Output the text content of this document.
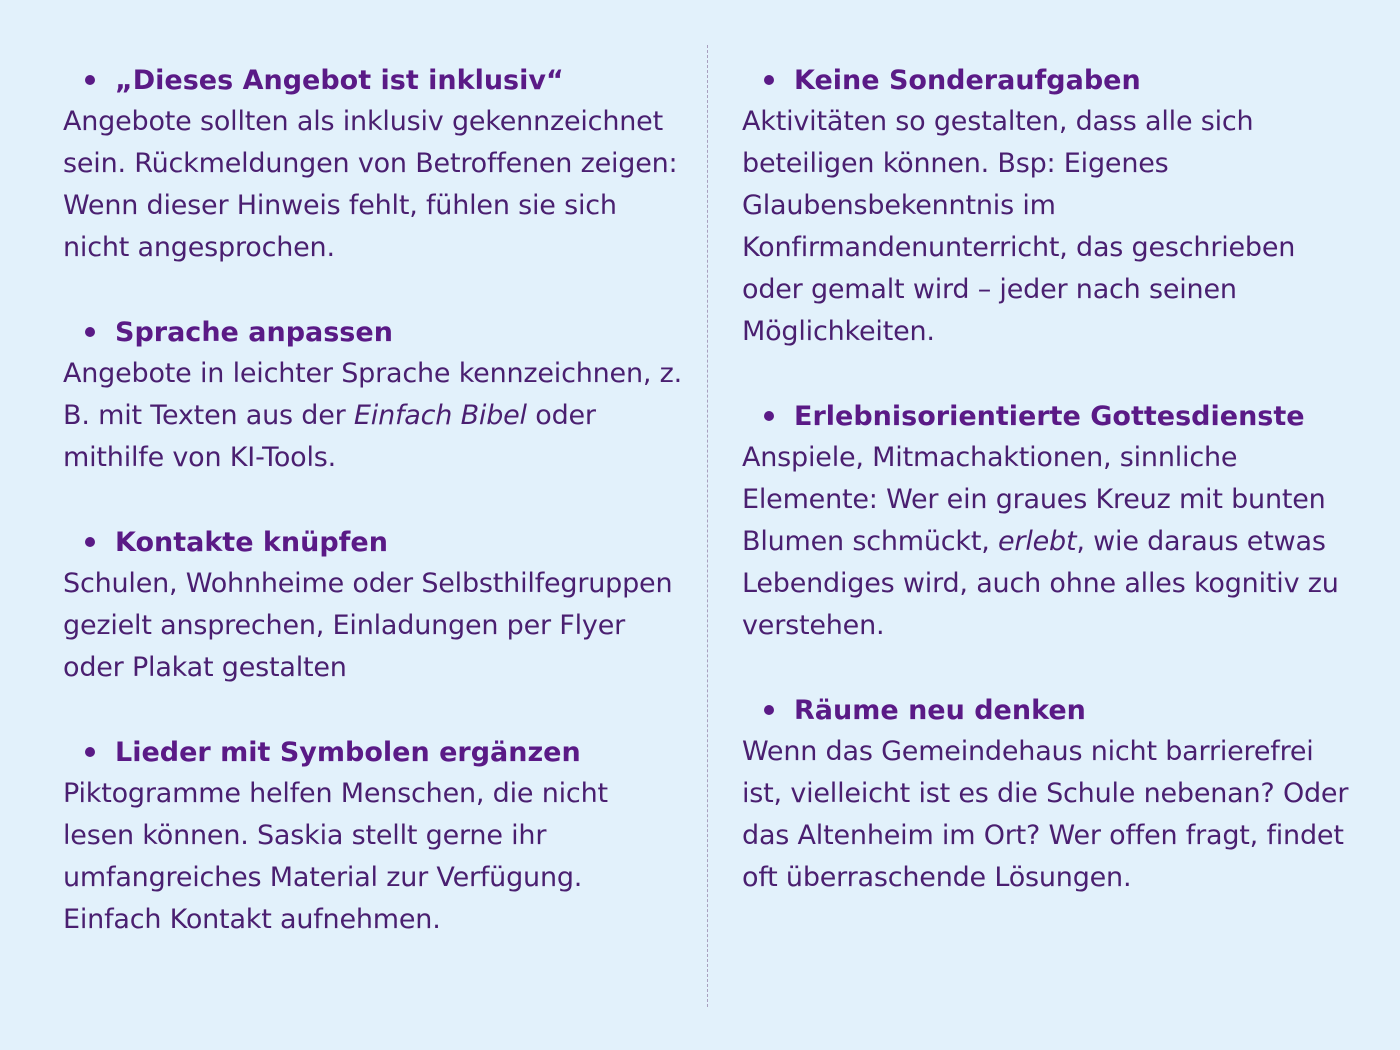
„Dieses Angebot ist inklusiv“
Angebote sollten als inklusiv gekennzeichnet sein. Rückmeldungen von Betroffenen zeigen: Wenn dieser Hinweis fehlt, fühlen sie sich nicht angesprochen.
Sprache anpassen
Angebote in leichter Sprache kennzeichnen, z. B. mit Texten aus der Einfach Bibel oder mithilfe von KI-Tools.
Kontakte knüpfen
Schulen, Wohnheime oder Selbsthilfegruppen gezielt ansprechen, Einladungen per Flyer oder Plakat gestalten
Lieder mit Symbolen ergänzen
Piktogramme helfen Menschen, die nicht lesen können. Saskia stellt gerne ihr umfangreiches Material zur Verfügung. Einfach Kontakt aufnehmen.
Keine Sonderaufgaben
Aktivitäten so gestalten, dass alle sich beteiligen können. Bsp: Eigenes Glaubensbekenntnis im Konfirmandenunterricht, das geschrieben oder gemalt wird – jeder nach seinen Möglichkeiten.
Erlebnisorientierte Gottesdienste
Anspiele, Mitmachaktionen, sinnliche Elemente: Wer ein graues Kreuz mit bunten Blumen schmückt, erlebt, wie daraus etwas Lebendiges wird, auch ohne alles kognitiv zu verstehen.
Räume neu denken
Wenn das Gemeindehaus nicht barrierefrei ist, vielleicht ist es die Schule nebenan? Oder das Altenheim im Ort? Wer offen fragt, findet oft überraschende Lösungen.
